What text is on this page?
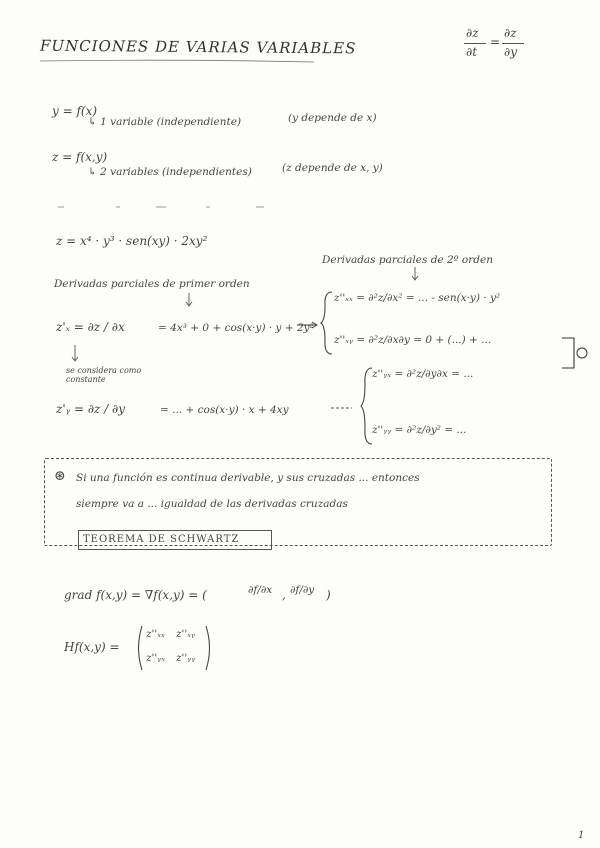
FUNCIONES DE VARIAS VARIABLES
∂z
∂t
=
∂z
∂y
y = f(x)
↳ 1 variable (independiente)	(y depende de x)
z = f(x,y)
↳ 2 variables (independientes)	(z depende de x, y)
z = x⁴ · y³ · sen(xy) · 2xy²
Derivadas parciales de 2º orden
Derivadas parciales de primer orden
z'ₓ = ∂z / ∂x	= 4x³ + 0 + cos(x·y) · y + 2y²
se considera como constante
z'ᵧ = ∂z / ∂y	= ... + cos(x·y) · x + 4xy
z''ₓₓ = ∂²z/∂x² = ... - sen(x·y) · y²
z''ₓᵧ = ∂²z/∂x∂y = 0 + (...) + ...
z''ᵧₓ = ∂²z/∂y∂x = ...
z''ᵧᵧ = ∂²z/∂y² = ...
⊛ Si una función es continua derivable, y sus cruzadas ... entonces
siempre va a ... igualdad de las derivadas cruzadas
TEOREMA DE SCHWARTZ
grad f(x,y) = ∇f(x,y) = (	∂f/∂x , ∂f/∂y )
Hf(x,y) =
z''ₓₓ z''ₓᵧ
z''ᵧₓ z''ᵧᵧ
1
